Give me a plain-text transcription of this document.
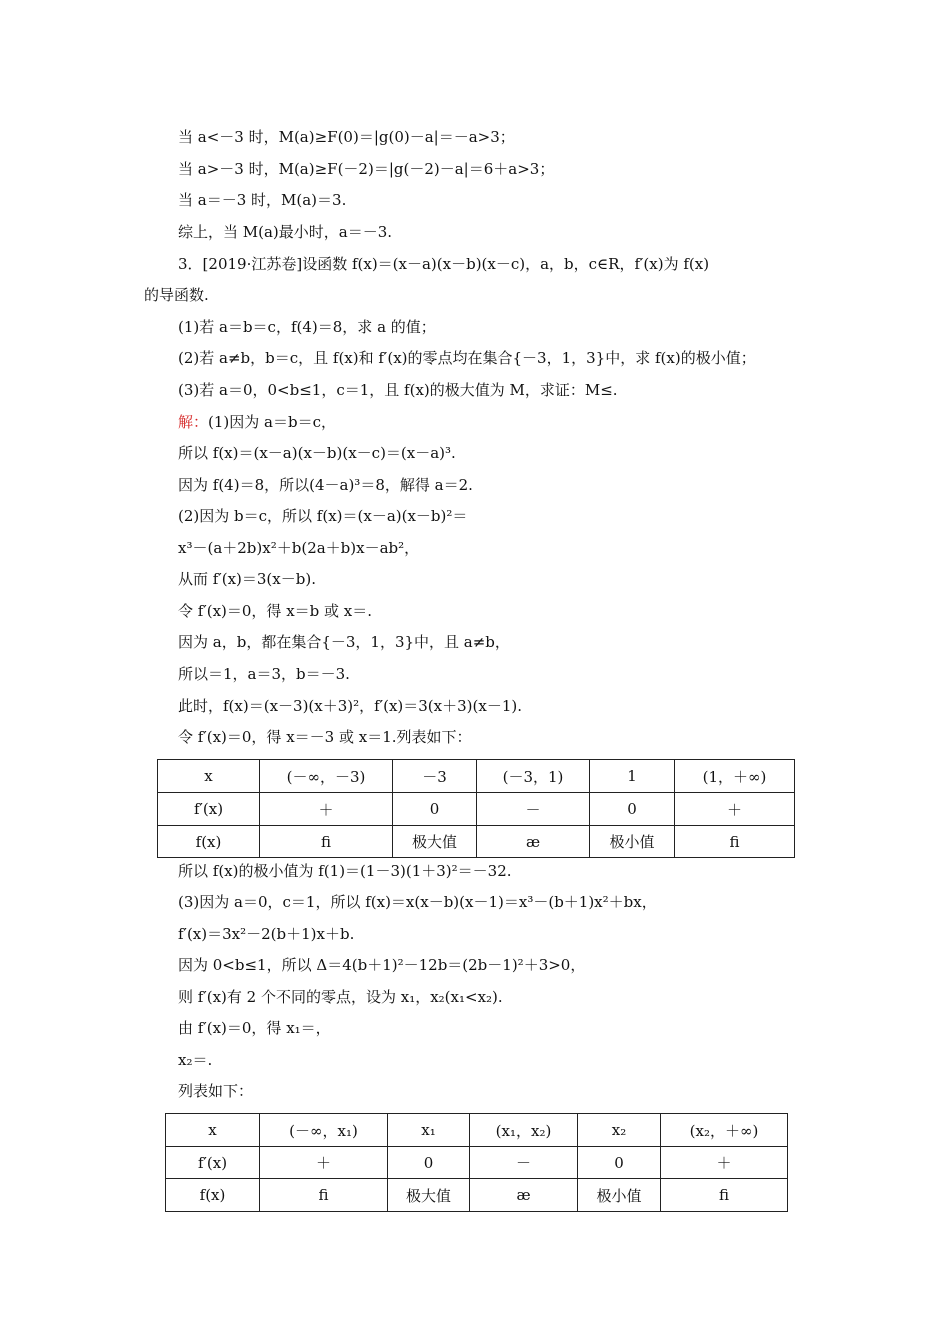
当 a<－3 时，M(a)≥F(0)＝|g(0)－a|＝－a>3；
当 a>－3 时，M(a)≥F(－2)＝|g(－2)－a|＝6＋a>3；
当 a＝－3 时，M(a)＝3.
综上，当 M(a)最小时，a＝－3.
3．[2019·江苏卷]设函数 f(x)＝(x－a)(x－b)(x－c)，a，b，c∈R，f′(x)为 f(x)
的导函数.
(1)若 a＝b＝c，f(4)＝8，求 a 的值；
(2)若 a≠b，b＝c，且 f(x)和 f′(x)的零点均在集合{－3，1，3}中，求 f(x)的极小值；
(3)若 a＝0，0<b≤1，c＝1，且 f(x)的极大值为 M，求证：M≤.
解：(1)因为 a＝b＝c，
所以 f(x)＝(x－a)(x－b)(x－c)＝(x－a)³.
因为 f(4)＝8，所以(4－a)³＝8，解得 a＝2.
(2)因为 b＝c，所以 f(x)＝(x－a)(x－b)²＝
x³－(a＋2b)x²＋b(2a＋b)x－ab²，
从而 f′(x)＝3(x－b).
令 f′(x)＝0，得 x＝b 或 x＝.
因为 a，b，都在集合{－3，1，3}中，且 a≠b，
所以＝1，a＝3，b＝－3.
此时，f(x)＝(x－3)(x＋3)²，f′(x)＝3(x＋3)(x－1).
令 f′(x)＝0，得 x＝－3 或 x＝1.列表如下：
x	(－∞，－3)	－3	(－3，1)	1	(1，＋∞)
f′(x)	＋	0	－	0	＋
f(x)	ﬁ	极大值	æ	极小值	ﬁ
所以 f(x)的极小值为 f(1)＝(1－3)(1＋3)²＝－32.
(3)因为 a＝0，c＝1，所以 f(x)＝x(x－b)(x－1)＝x³－(b＋1)x²＋bx，
f′(x)＝3x²－2(b＋1)x＋b.
因为 0<b≤1，所以 Δ＝4(b＋1)²－12b＝(2b－1)²＋3>0，
则 f′(x)有 2 个不同的零点，设为 x₁，x₂(x₁<x₂).
由 f′(x)＝0，得 x₁＝，
x₂＝.
列表如下：
x	(－∞，x₁)	x₁	(x₁，x₂)	x₂	(x₂，＋∞)
f′(x)	＋	0	－	0	＋
f(x)	ﬁ	极大值	æ	极小值	ﬁ
